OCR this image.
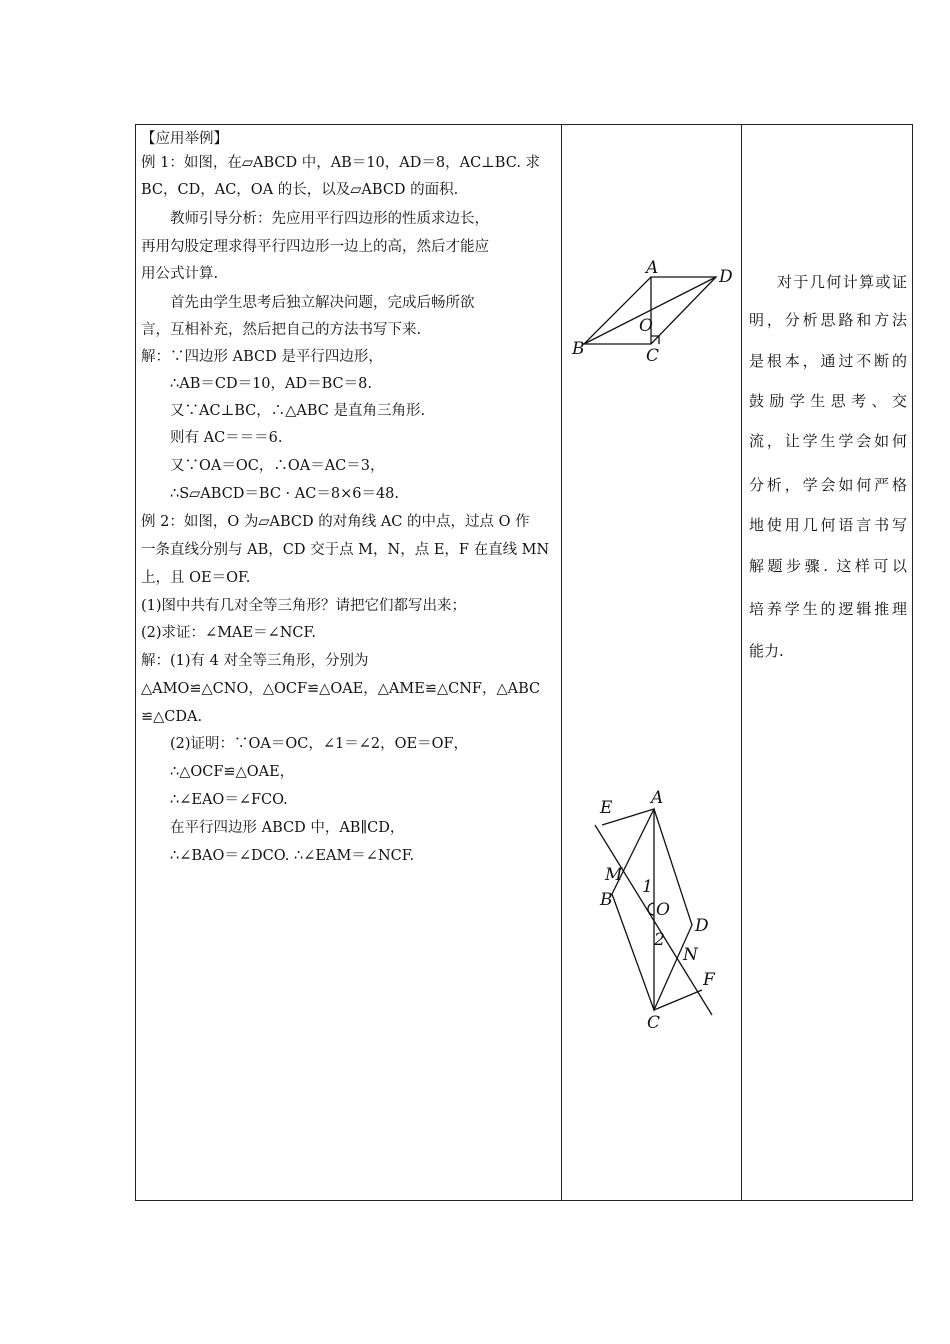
【应用举例】
例 1：如图，在▱ABCD 中，AB＝10，AD＝8，AC⊥BC. 求
BC，CD，AC，OA 的长，以及▱ABCD 的面积.
教师引导分析：先应用平行四边形的性质求边长，
再用勾股定理求得平行四边形一边上的高，然后才能应
用公式计算.
首先由学生思考后独立解决问题，完成后畅所欲
言，互相补充，然后把自己的方法书写下来.
解：∵四边形 ABCD 是平行四边形，
∴AB＝CD＝10，AD＝BC＝8.
又∵AC⊥BC，∴△ABC 是直角三角形.
则有 AC＝＝＝6.
又∵OA＝OC，∴OA＝AC＝3，
∴S▱ABCD＝BC · AC＝8×6＝48.
例 2：如图，O 为▱ABCD 的对角线 AC 的中点，过点 O 作
一条直线分别与 AB，CD 交于点 M，N，点 E，F 在直线 MN
上，且 OE＝OF.
(1)图中共有几对全等三角形？请把它们都写出来；
(2)求证：∠MAE＝∠NCF.
解：(1)有 4 对全等三角形，分别为
△AMO≌△CNO，△OCF≌△OAE，△AME≌△CNF，△ABC
≌△CDA.
(2)证明：∵OA＝OC，∠1＝∠2，OE＝OF，
∴△OCF≌△OAE，
∴∠EAO＝∠FCO.
在平行四边形 ABCD 中，AB∥CD，
∴∠BAO＝∠DCO. ∴∠EAM＝∠NCF.
A	D
O
B	C
E A
M
1
B	O
2
D
N
F
C
对于几何计算或证
明，分析思路和方法
是根本，通过不断的
鼓励学生思考、交
流，让学生学会如何
分析，学会如何严格
地使用几何语言书写
解题步骤. 这样可以
培养学生的逻辑推理
能力.
